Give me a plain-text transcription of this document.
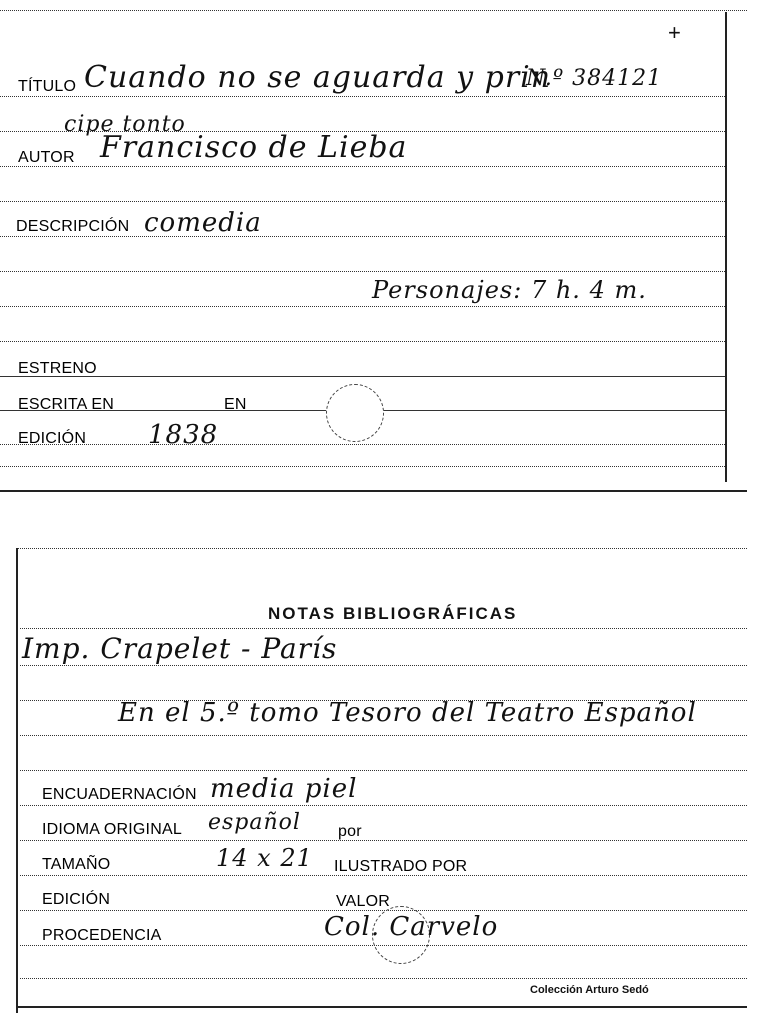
+
TÍTULO Cuando no se aguarda y prin
N.º 384121
cipe tonto
AUTOR Francisco de Lieba
DESCRIPCIÓN comedia
Personajes: 7 h. 4 m.
ESTRENO
ESCRITA EN	EN
EDICIÓN 1838
NOTAS BIBLIOGRÁFICAS
Imp. Crapelet - París
En el 5.º tomo Tesoro del Teatro Español
ENCUADERNACIÓN media piel
IDIOMA ORIGINAL español por
TAMAÑO	14 x 21 ILUSTRADO POR
EDICIÓN	VALOR
PROCEDENCIA	Col. Carvelo
Colección Arturo Sedó
